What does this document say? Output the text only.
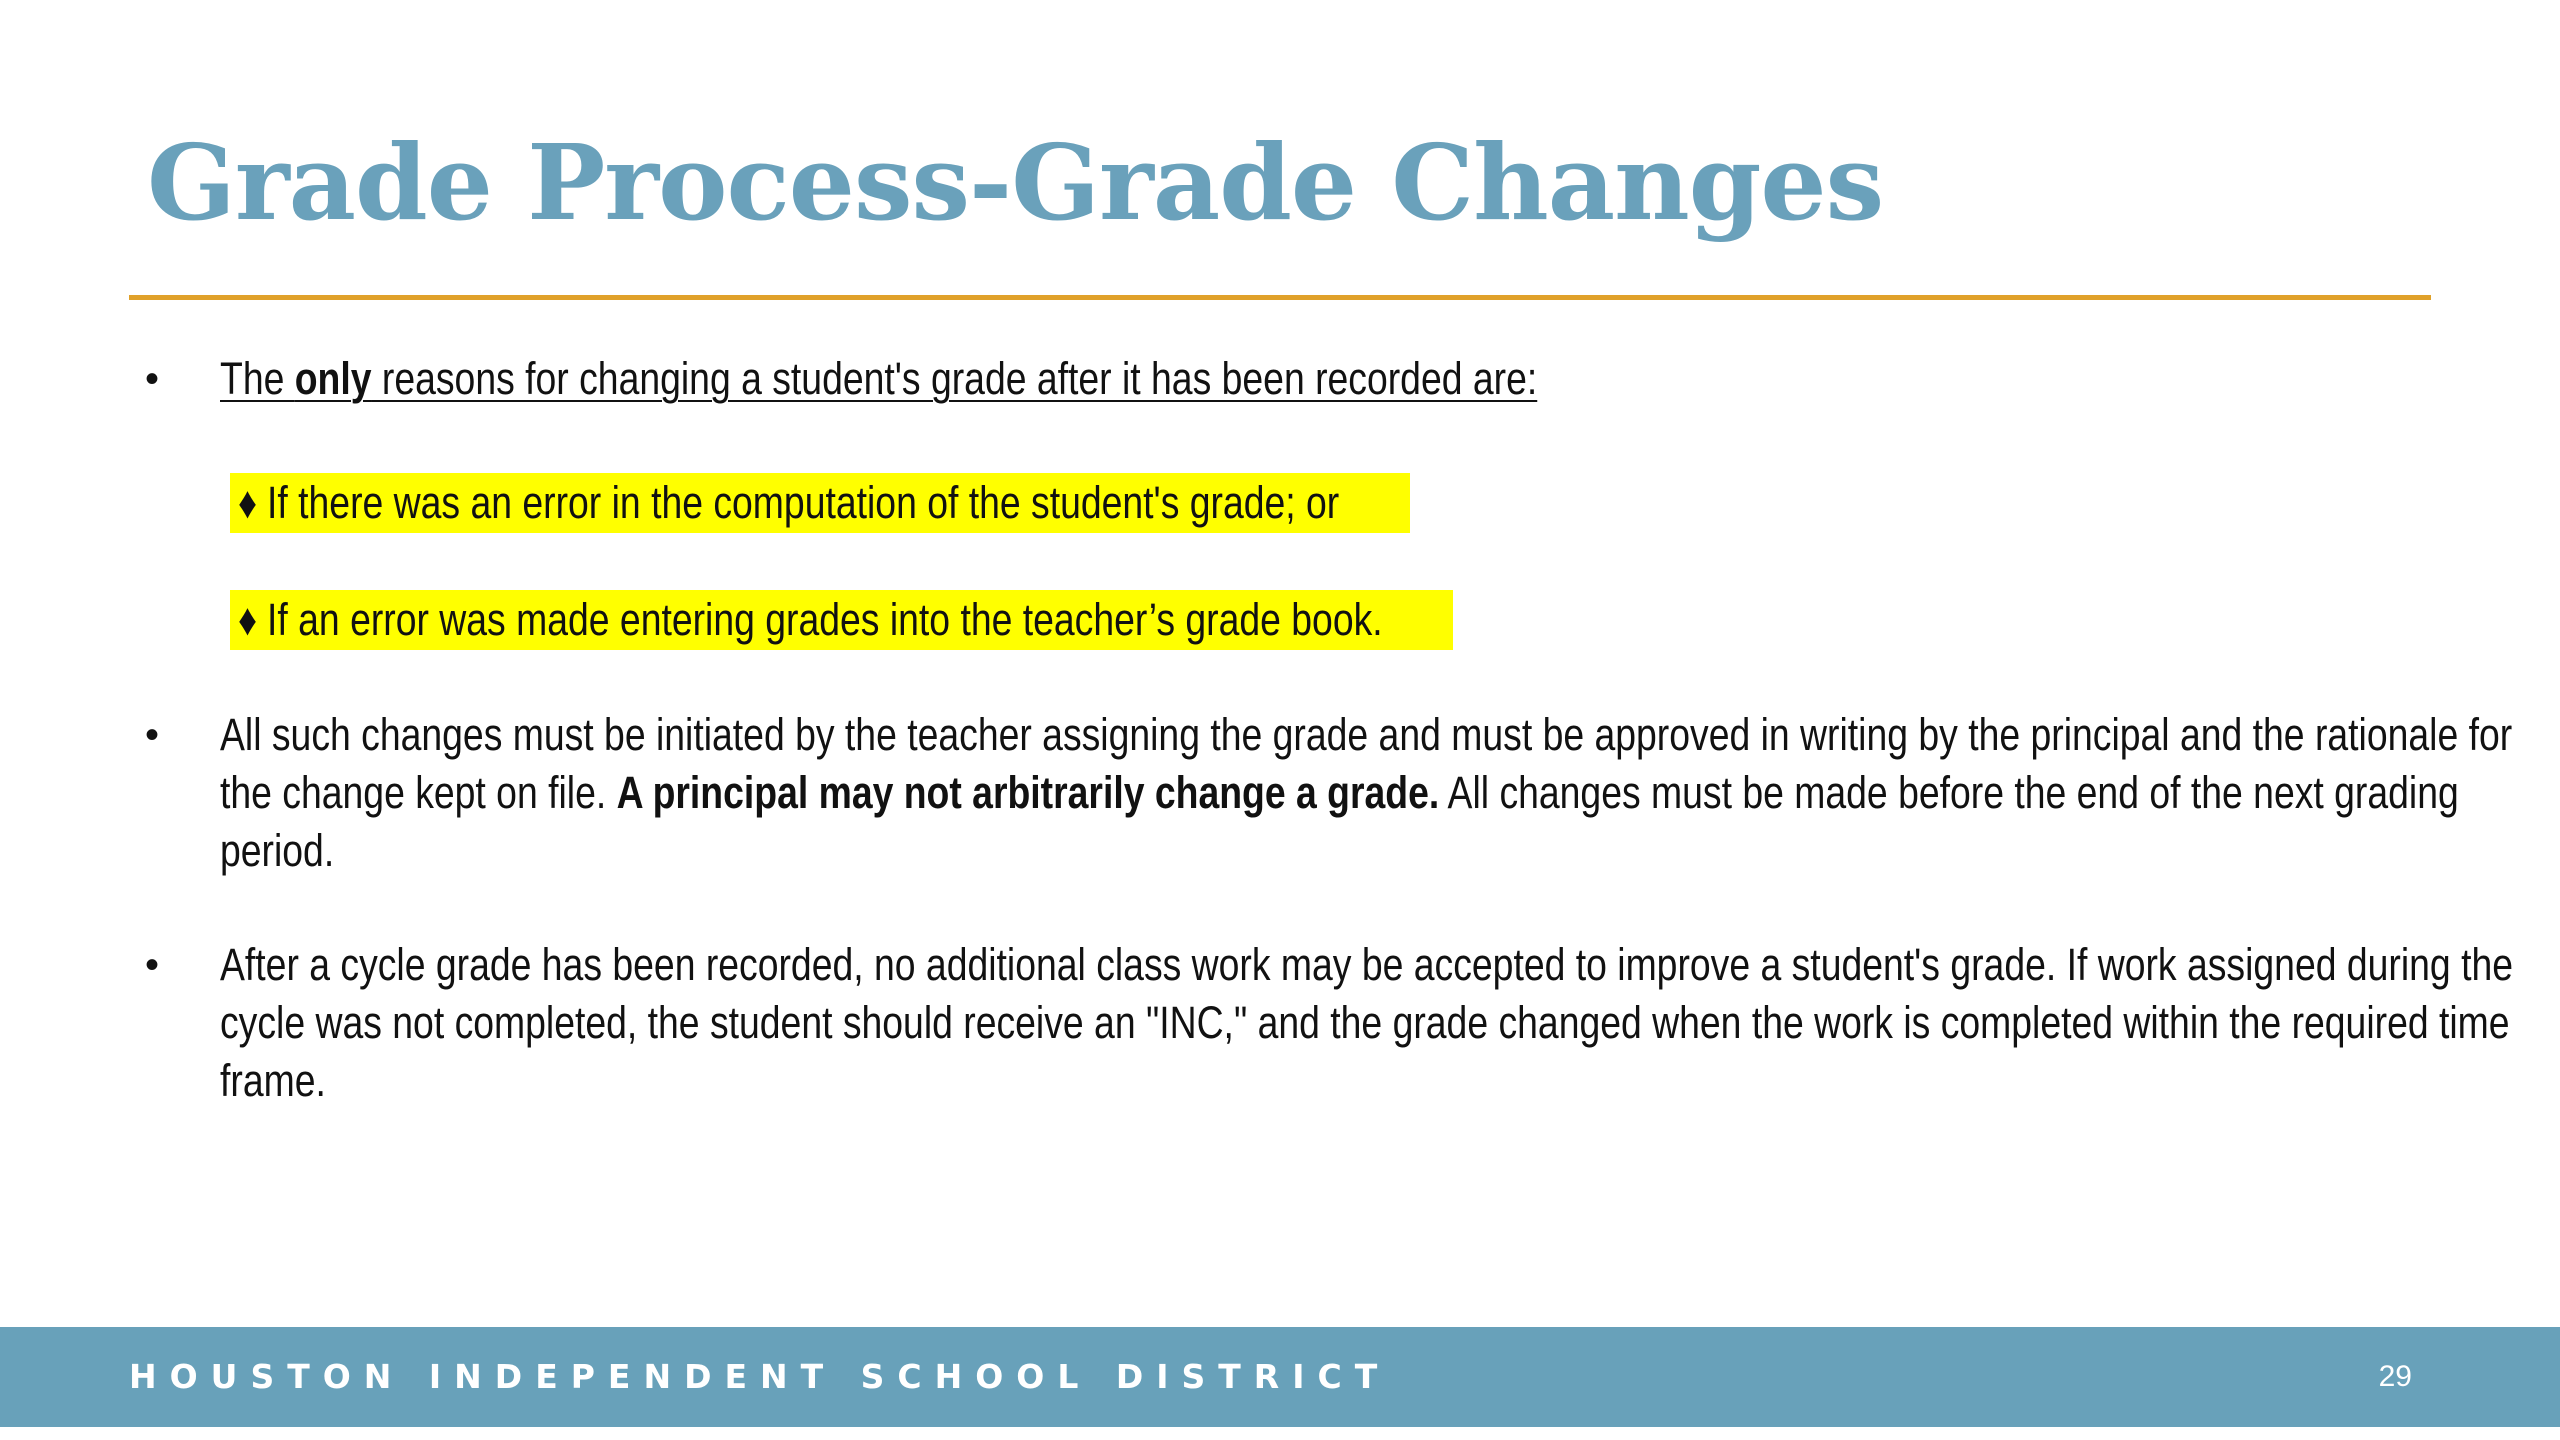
Grade Process-Grade Changes
•	The only reasons for changing a student's grade after it has been recorded are:
♦ If there was an error in the computation of the student's grade; or
♦ If an error was made entering grades into the teacher’s grade book.
•	All such changes must be initiated by the teacher assigning the grade and must be approved in writing by the principal and the rationale for the change kept on file. A principal may not arbitrarily change a grade. All changes must be made before the end of the next grading period.
•	After a cycle grade has been recorded, no additional class work may be accepted to improve a student's grade. If work assigned during the cycle was not completed, the student should receive an "INC," and the grade changed when the work is completed within the required time frame.
HOUSTON INDEPENDENT SCHOOL DISTRICT	29
